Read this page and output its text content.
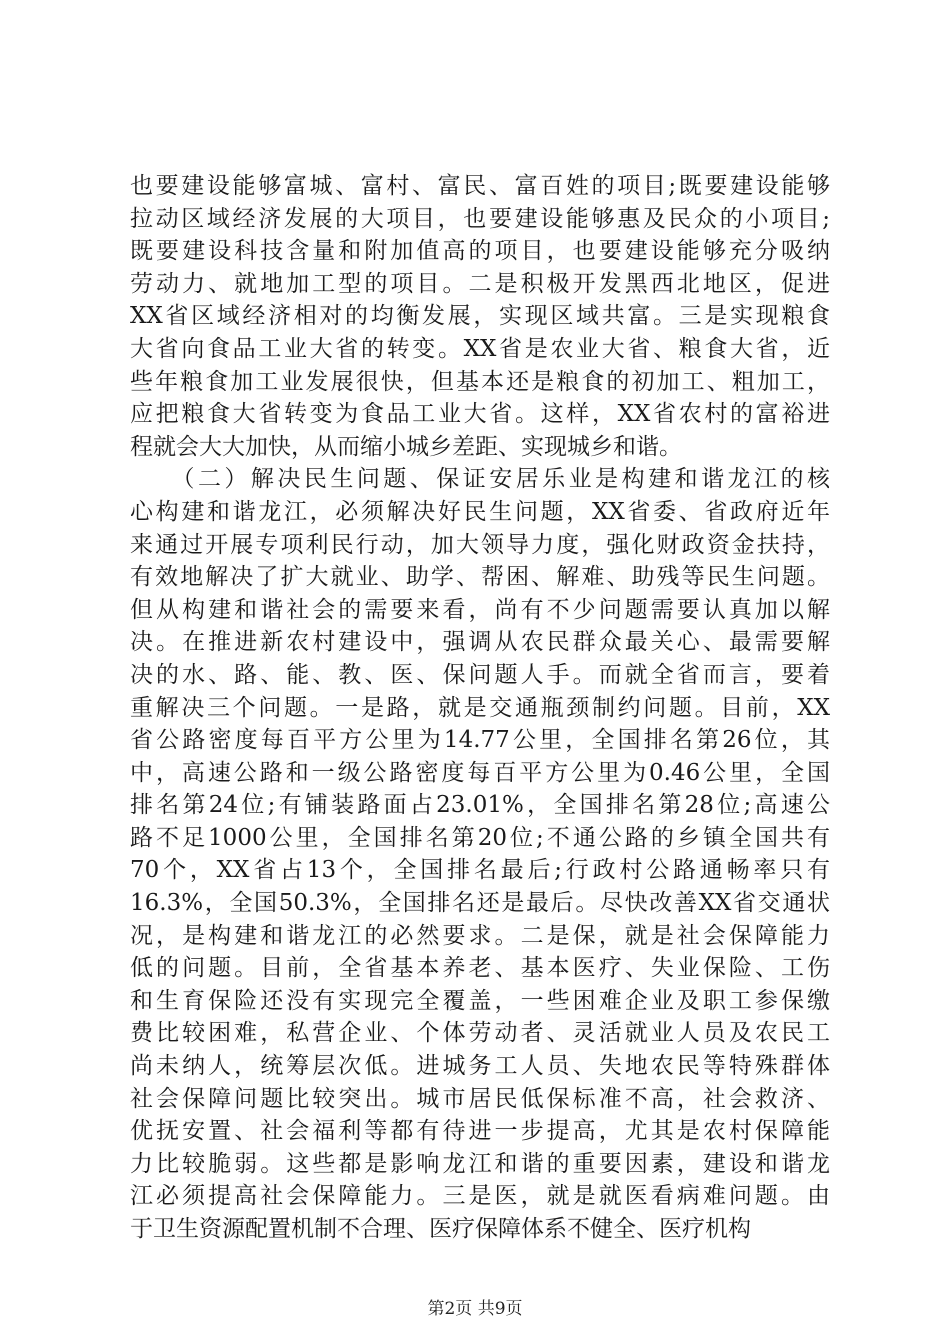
也要建设能够富城、富村、富民、富百姓的项目;既要建设能够
拉动区域经济发展的大项目，也要建设能够惠及民众的小项目;
既要建设科技含量和附加值高的项目，也要建设能够充分吸纳
劳动力、就地加工型的项目。二是积极开发黑西北地区，促进
XX省区域经济相对的均衡发展，实现区域共富。三是实现粮食
大省向食品工业大省的转变。XX省是农业大省、粮食大省，近
些年粮食加工业发展很快，但基本还是粮食的初加工、粗加工，
应把粮食大省转变为食品工业大省。这样，XX省农村的富裕进
程就会大大加快，从而缩小城乡差距、实现城乡和谐。
　　（二）解决民生问题、保证安居乐业是构建和谐龙江的核
心构建和谐龙江，必须解决好民生问题，XX省委、省政府近年
来通过开展专项利民行动，加大领导力度，强化财政资金扶持，
有效地解决了扩大就业、助学、帮困、解难、助残等民生问题。
但从构建和谐社会的需要来看，尚有不少问题需要认真加以解
决。在推进新农村建设中，强调从农民群众最关心、最需要解
决的水、路、能、教、医、保问题人手。而就全省而言，要着
重解决三个问题。一是路，就是交通瓶颈制约问题。目前，XX
省公路密度每百平方公里为14.77公里，全国排名第26位，其
中，高速公路和一级公路密度每百平方公里为0.46公里，全国
排名第24位;有铺装路面占23.01%，全国排名第28位;高速公
路不足1000公里，全国排名第20位;不通公路的乡镇全国共有
70个，XX省占13个，全国排名最后;行政村公路通畅率只有
16.3%，全国50.3%，全国排名还是最后。尽快改善XX省交通状
况，是构建和谐龙江的必然要求。二是保，就是社会保障能力
低的问题。目前，全省基本养老、基本医疗、失业保险、工伤
和生育保险还没有实现完全覆盖，一些困难企业及职工参保缴
费比较困难，私营企业、个体劳动者、灵活就业人员及农民工
尚未纳人，统筹层次低。进城务工人员、失地农民等特殊群体
社会保障问题比较突出。城市居民低保标准不高，社会救济、
优抚安置、社会福利等都有待进一步提高，尤其是农村保障能
力比较脆弱。这些都是影响龙江和谐的重要因素，建设和谐龙
江必须提高社会保障能力。三是医，就是就医看病难问题。由
于卫生资源配置机制不合理、医疗保障体系不健全、医疗机构
第2页 共9页
